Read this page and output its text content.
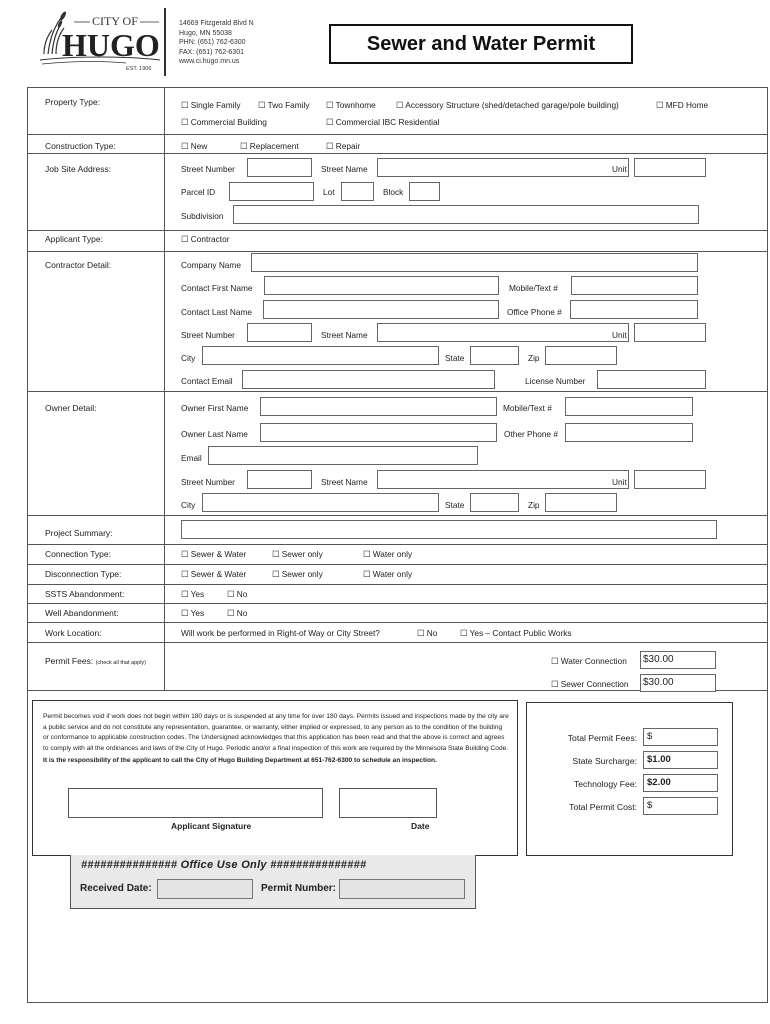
CITY OF
HUGO
EST. 1906
14669 Fitzgerald Blvd N
Hugo, MN 55038
PHN: (651) 762-6300
FAX: (651) 762-6301
www.ci.hugo.mn.us
Sewer and Water Permit
Property Type:	☐ Single Family ☐ Two Family ☐ Townhome ☐ Accessory Structure (shed/detached garage/pole building)	☐ MFD Home
☐ Commercial Building	☐ Commercial IBC Residential
Construction Type:	☐ New	☐ Replacement	☐ Repair
Job Site Address:	Street Number	Street Name	Unit
Parcel ID	Lot	Block
Subdivision
Applicant Type:	☐ Contractor
Contractor Detail:	Company Name
Contact First Name	Mobile/Text #
Contact Last Name	Office Phone #
Street Number	Street Name	Unit
City	State	Zip
Contact Email	License Number
Owner Detail:	Owner First Name	Mobile/Text #
Owner Last Name	Other Phone #
Email
Street Number	Street Name	Unit
City	State	Zip
Project Summary:
Connection Type:	☐ Sewer & Water	☐ Sewer only	☐ Water only
Disconnection Type:	☐ Sewer & Water	☐ Sewer only	☐ Water only
SSTS Abandonment:	☐ Yes	☐ No
Well Abandonment:	☐ Yes	☐ No
Work Location:	Will work be performed in Right-of Way or City Street?	☐ No	☐ Yes – Contact Public Works
Permit Fees: (check all that apply)	☐ Water Connection	$30.00
☐ Sewer Connection	$30.00
Permit becomes void if work does not begin within 180 days or is suspended at any time for over 180 days. Permits issued and inspections made by the city are a public service and do not constitute any representation, guarantee, or warranty, either implied or expressed, to any person as to the condition of the building or conformance to applicable construction codes. The Undersigned acknowledges that this application has been read and that the above is correct and agrees to comply with all the ordinances and laws of the City of Hugo. Periodic and/or a final inspection of this work are required by the Minnesota State Building Code.
It is the responsibility of the applicant to call the City of Hugo Building Department at 651-762-6300 to schedule an inspection.
Applicant Signature	Date
Total Permit Fees:	$
State Surcharge:	$1.00
Technology Fee:	$2.00
Total Permit Cost:	$
############### Office Use Only ###############
Received Date:	Permit Number:
